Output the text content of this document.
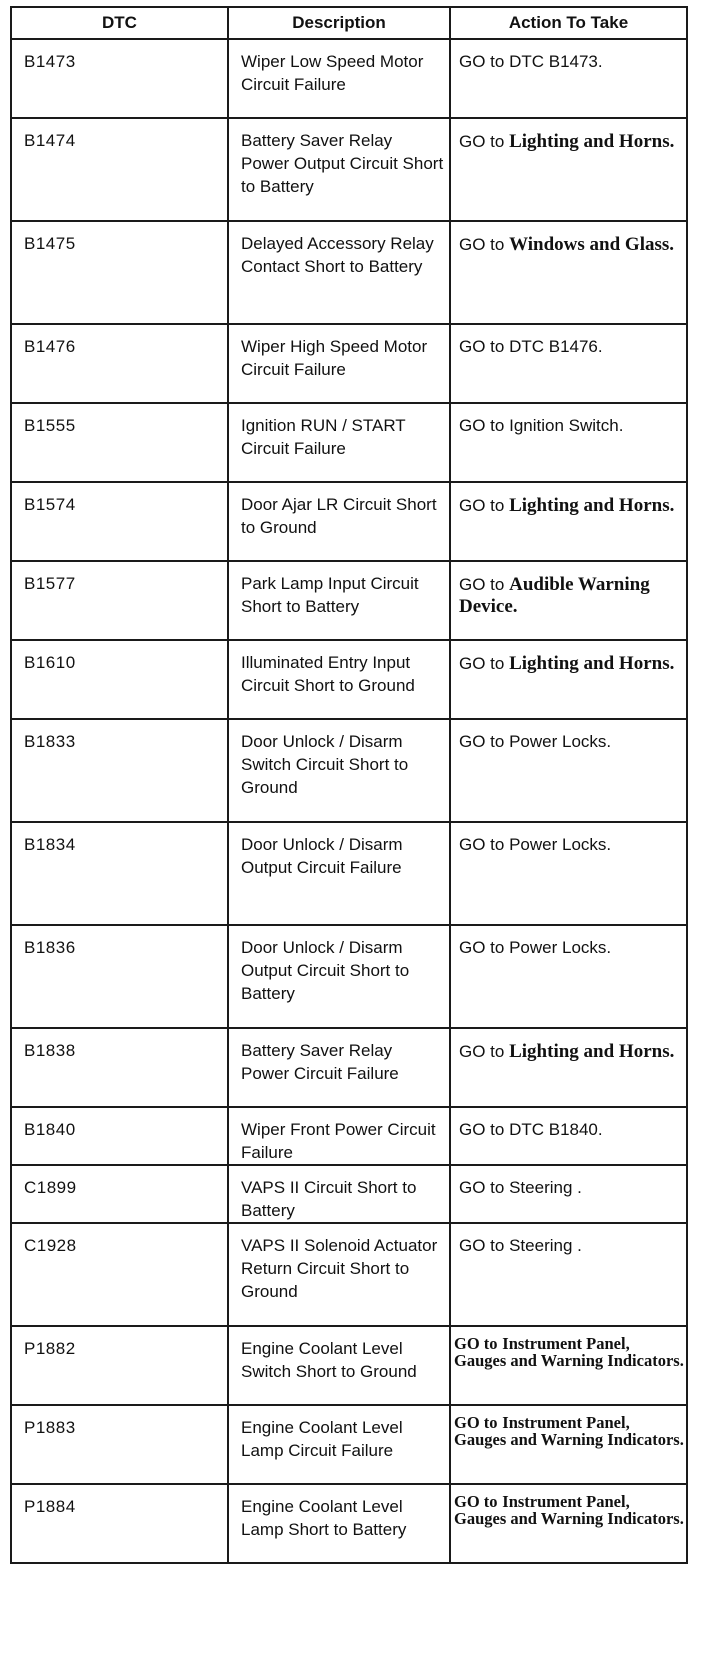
DTC	Description	Action To Take
B1473	Wiper Low Speed Motor Circuit Failure	GO to DTC B1473.
B1474	Battery Saver Relay Power Output Circuit Short to Battery	GO to Lighting and Horns.
B1475	Delayed Accessory Relay Contact Short to Battery	GO to Windows and Glass.
B1476	Wiper High Speed Motor Circuit Failure	GO to DTC B1476.
B1555	Ignition RUN / START Circuit Failure	GO to Ignition Switch.
B1574	Door Ajar LR Circuit Short to Ground	GO to Lighting and Horns.
B1577	Park Lamp Input Circuit Short to Battery	GO to Audible Warning Device.
B1610	Illuminated Entry Input Circuit Short to Ground	GO to Lighting and Horns.
B1833	Door Unlock / Disarm Switch Circuit Short to Ground	GO to Power Locks.
B1834	Door Unlock / Disarm Output Circuit Failure	GO to Power Locks.
B1836	Door Unlock / Disarm Output Circuit Short to Battery	GO to Power Locks.
B1838	Battery Saver Relay Power Circuit Failure	GO to Lighting and Horns.
B1840	Wiper Front Power Circuit Failure	GO to DTC B1840.
C1899	VAPS II Circuit Short to Battery	GO to Steering .
C1928	VAPS II Solenoid Actuator Return Circuit Short to Ground	GO to Steering .
P1882	Engine Coolant Level Switch Short to Ground	GO to Instrument Panel, Gauges and Warning Indicators.
P1883	Engine Coolant Level Lamp Circuit Failure	GO to Instrument Panel, Gauges and Warning Indicators.
P1884	Engine Coolant Level Lamp Short to Battery	GO to Instrument Panel, Gauges and Warning Indicators.
